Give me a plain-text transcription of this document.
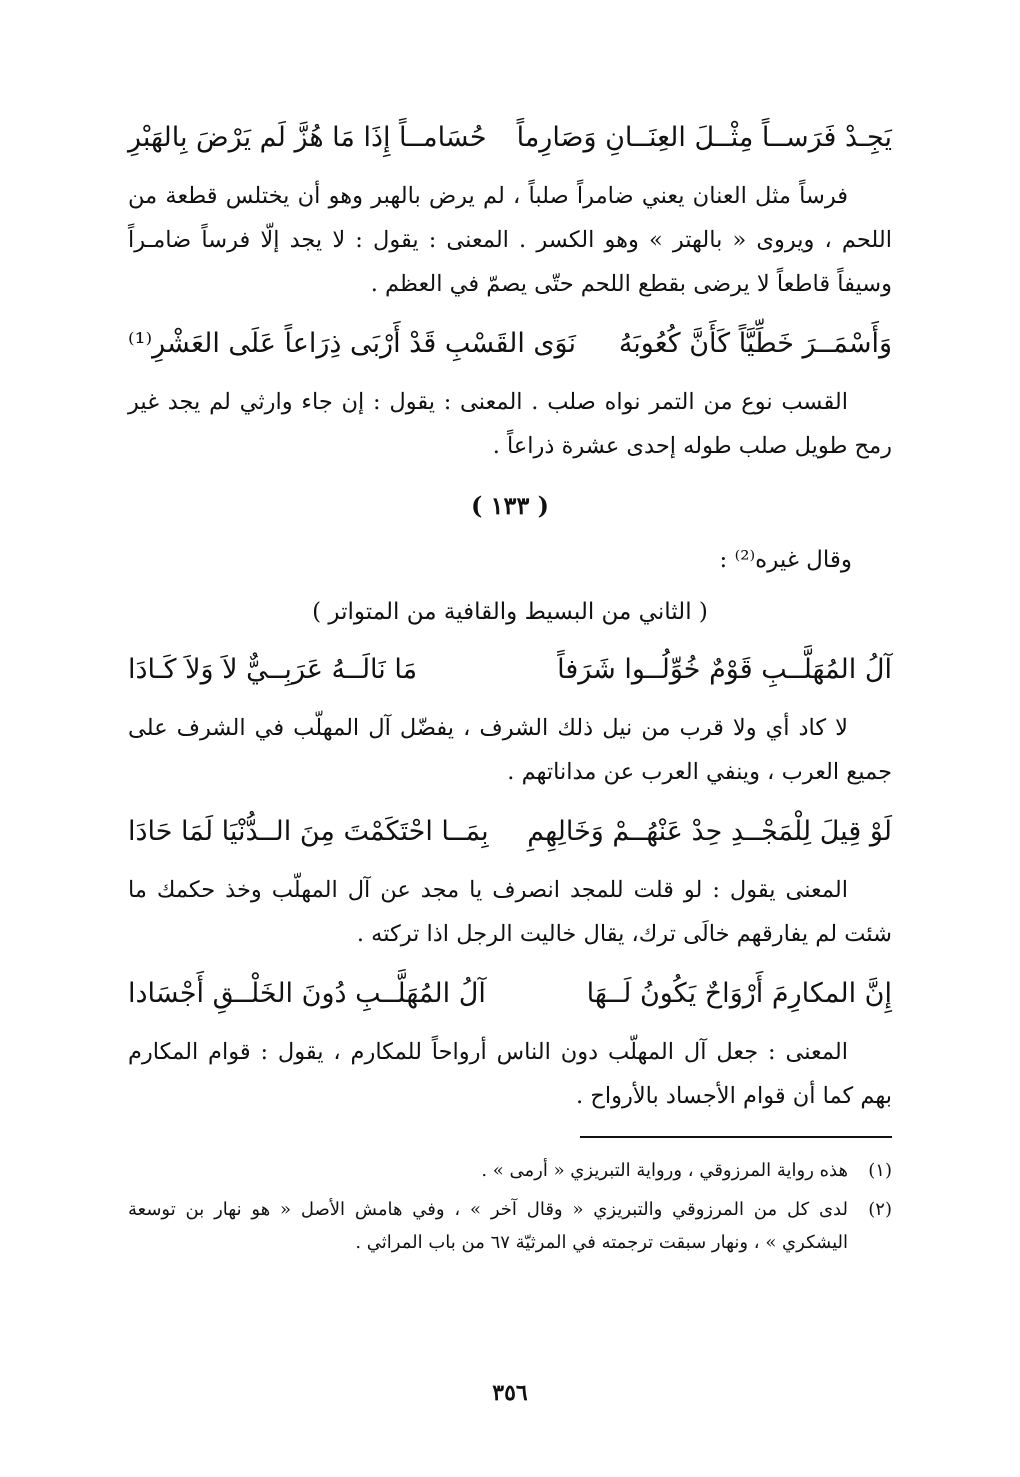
يَجِـدْ فَرَســاً مِثْــلَ العِنَــانِ وَصَارِماً
حُسَامــاً إِذَا مَا هُزَّ لَم يَرْضَ بِالهَبْرِ

فرساً مثل العنان يعني ضامراً صلباً ، لم يرض بالهبر وهو أن يختلس قطعة من اللحم ، ويروى « بالهتر » وهو الكسر . المعنى : يقول : لا يجد إلّا فرساً ضامـراً وسيفاً قاطعاً لا يرضى بقطع اللحم حتّى يصمّ في العظم .

وَأَسْمَــرَ خَطِّيَّاً كَأَنَّ كُعُوبَهُ
نَوَى القَسْبِ قَدْ أَرْبَى ذِرَاعاً عَلَى العَشْرِ⁽¹⁾

القسب نوع من التمر نواه صلب . المعنى : يقول : إن جاء وارثي لم يجد غير رمح طويل صلب طوله إحدى عشرة ذراعاً .

( ١٣٣ )
وقال غيره⁽²⁾ :
( الثاني من البسيط والقافية من المتواتر )
آلُ المُهَلَّــبِ قَوْمٌ خُوِّلُــوا شَرَفاً
مَا نَالَــهُ عَرَبِــيٌّ لاَ وَلاَ كَـادَا

لا كاد أي ولا قرب من نيل ذلك الشرف ، يفضّل آل المهلّب في الشرف على جميع العرب ، وينفي العرب عن مداناتهم .

لَوْ قِيلَ لِلْمَجْــدِ حِدْ عَنْهُــمْ وَخَالِهِمِ
بِمَــا احْتَكَمْتَ مِنَ الــدُّنْيَا لَمَا حَادَا

المعنى يقول : لو قلت للمجد انصرف يا مجد عن آل المهلّب وخذ حكمك ما شئت لم يفارقهم خالَى ترك، يقال خاليت الرجل اذا تركته .

إِنَّ المكارِمَ أَرْوَاحٌ يَكُونُ لَــهَا
آلُ المُهَلَّــبِ دُونَ الخَلْــقِ أَجْسَادا

المعنى : جعل آل المهلّب دون الناس أرواحاً للمكارم ، يقول : قوام المكارم بهم كما أن قوام الأجساد بالأرواح .

(١)
هذه رواية المرزوقي ، ورواية التبريزي « أرمى » .
(٢)
لدى كل من المرزوقي والتبريزي « وقال آخر » ، وفي هامش الأصل « هو نهار بن توسعة اليشكري » ، ونهار سبقت ترجمته في المرثيّة ٦٧ من باب المراثي .
٣٥٦
